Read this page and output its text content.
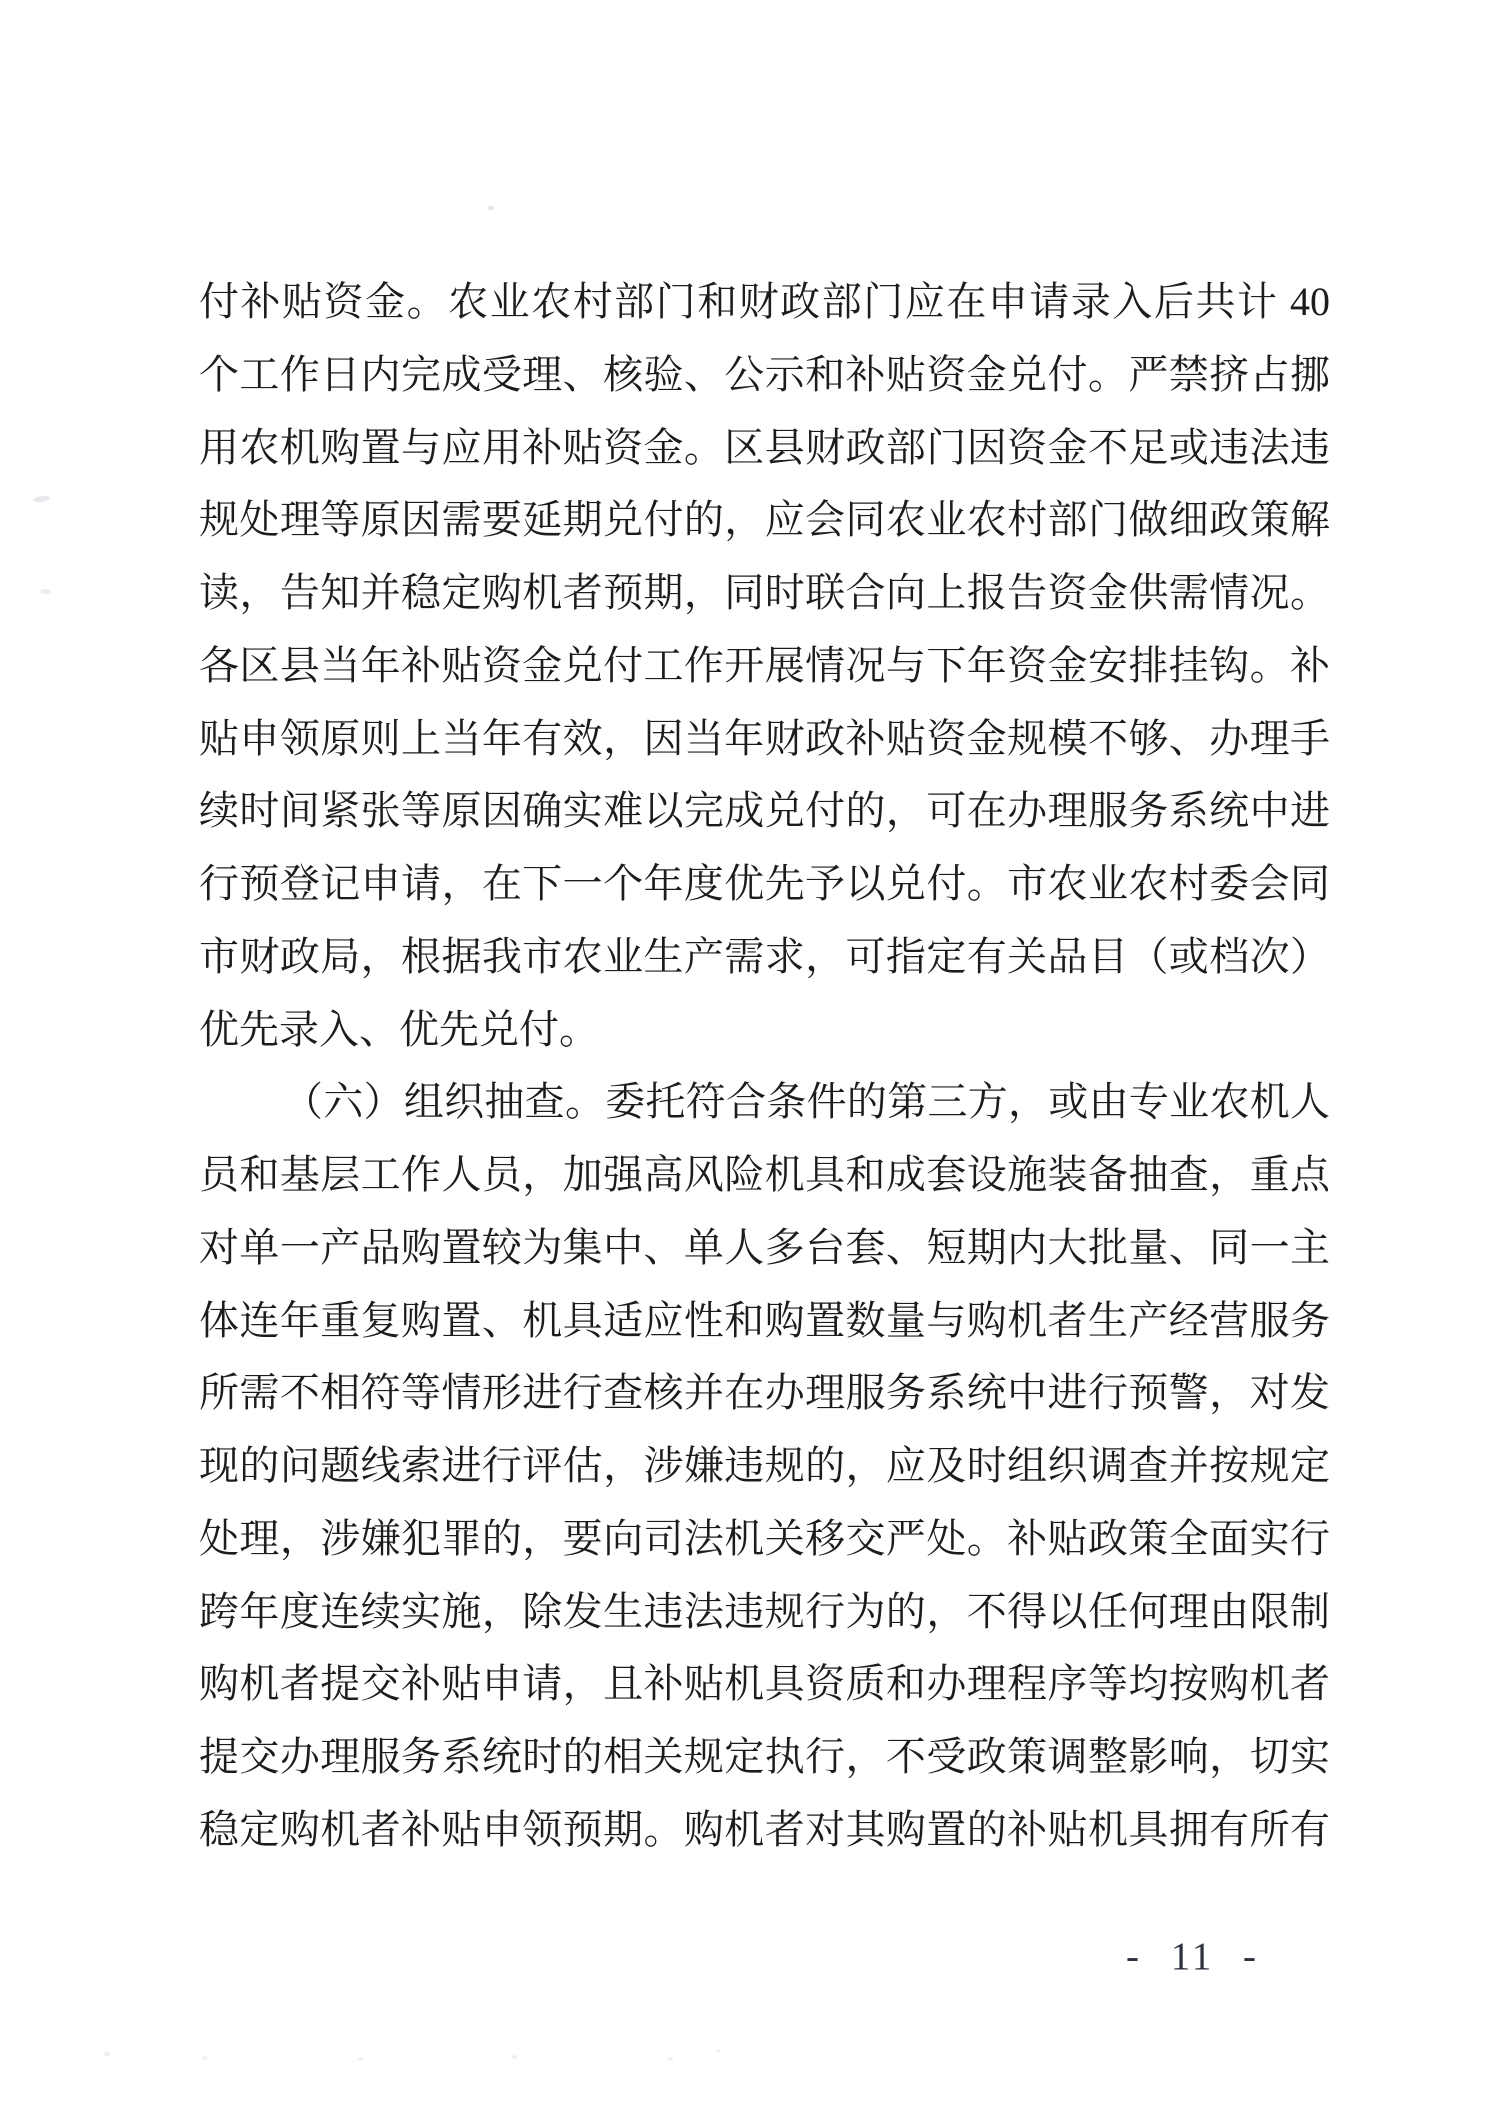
付补贴资金。农业农村部门和财政部门应在申请录入后共计 40
个工作日内完成受理、核验、公示和补贴资金兑付。严禁挤占挪
用农机购置与应用补贴资金。区县财政部门因资金不足或违法违
规处理等原因需要延期兑付的，应会同农业农村部门做细政策解
读，告知并稳定购机者预期，同时联合向上报告资金供需情况。
各区县当年补贴资金兑付工作开展情况与下年资金安排挂钩。补
贴申领原则上当年有效，因当年财政补贴资金规模不够、办理手
续时间紧张等原因确实难以完成兑付的，可在办理服务系统中进
行预登记申请，在下一个年度优先予以兑付。市农业农村委会同
市财政局，根据我市农业生产需求，可指定有关品目（或档次）
优先录入、优先兑付。
（六）组织抽查。委托符合条件的第三方，或由专业农机人
员和基层工作人员，加强高风险机具和成套设施装备抽查，重点
对单一产品购置较为集中、单人多台套、短期内大批量、同一主
体连年重复购置、机具适应性和购置数量与购机者生产经营服务
所需不相符等情形进行查核并在办理服务系统中进行预警，对发
现的问题线索进行评估，涉嫌违规的，应及时组织调查并按规定
处理，涉嫌犯罪的，要向司法机关移交严处。补贴政策全面实行
跨年度连续实施，除发生违法违规行为的，不得以任何理由限制
购机者提交补贴申请，且补贴机具资质和办理程序等均按购机者
提交办理服务系统时的相关规定执行，不受政策调整影响，切实
稳定购机者补贴申领预期。购机者对其购置的补贴机具拥有所有
- 11 -
